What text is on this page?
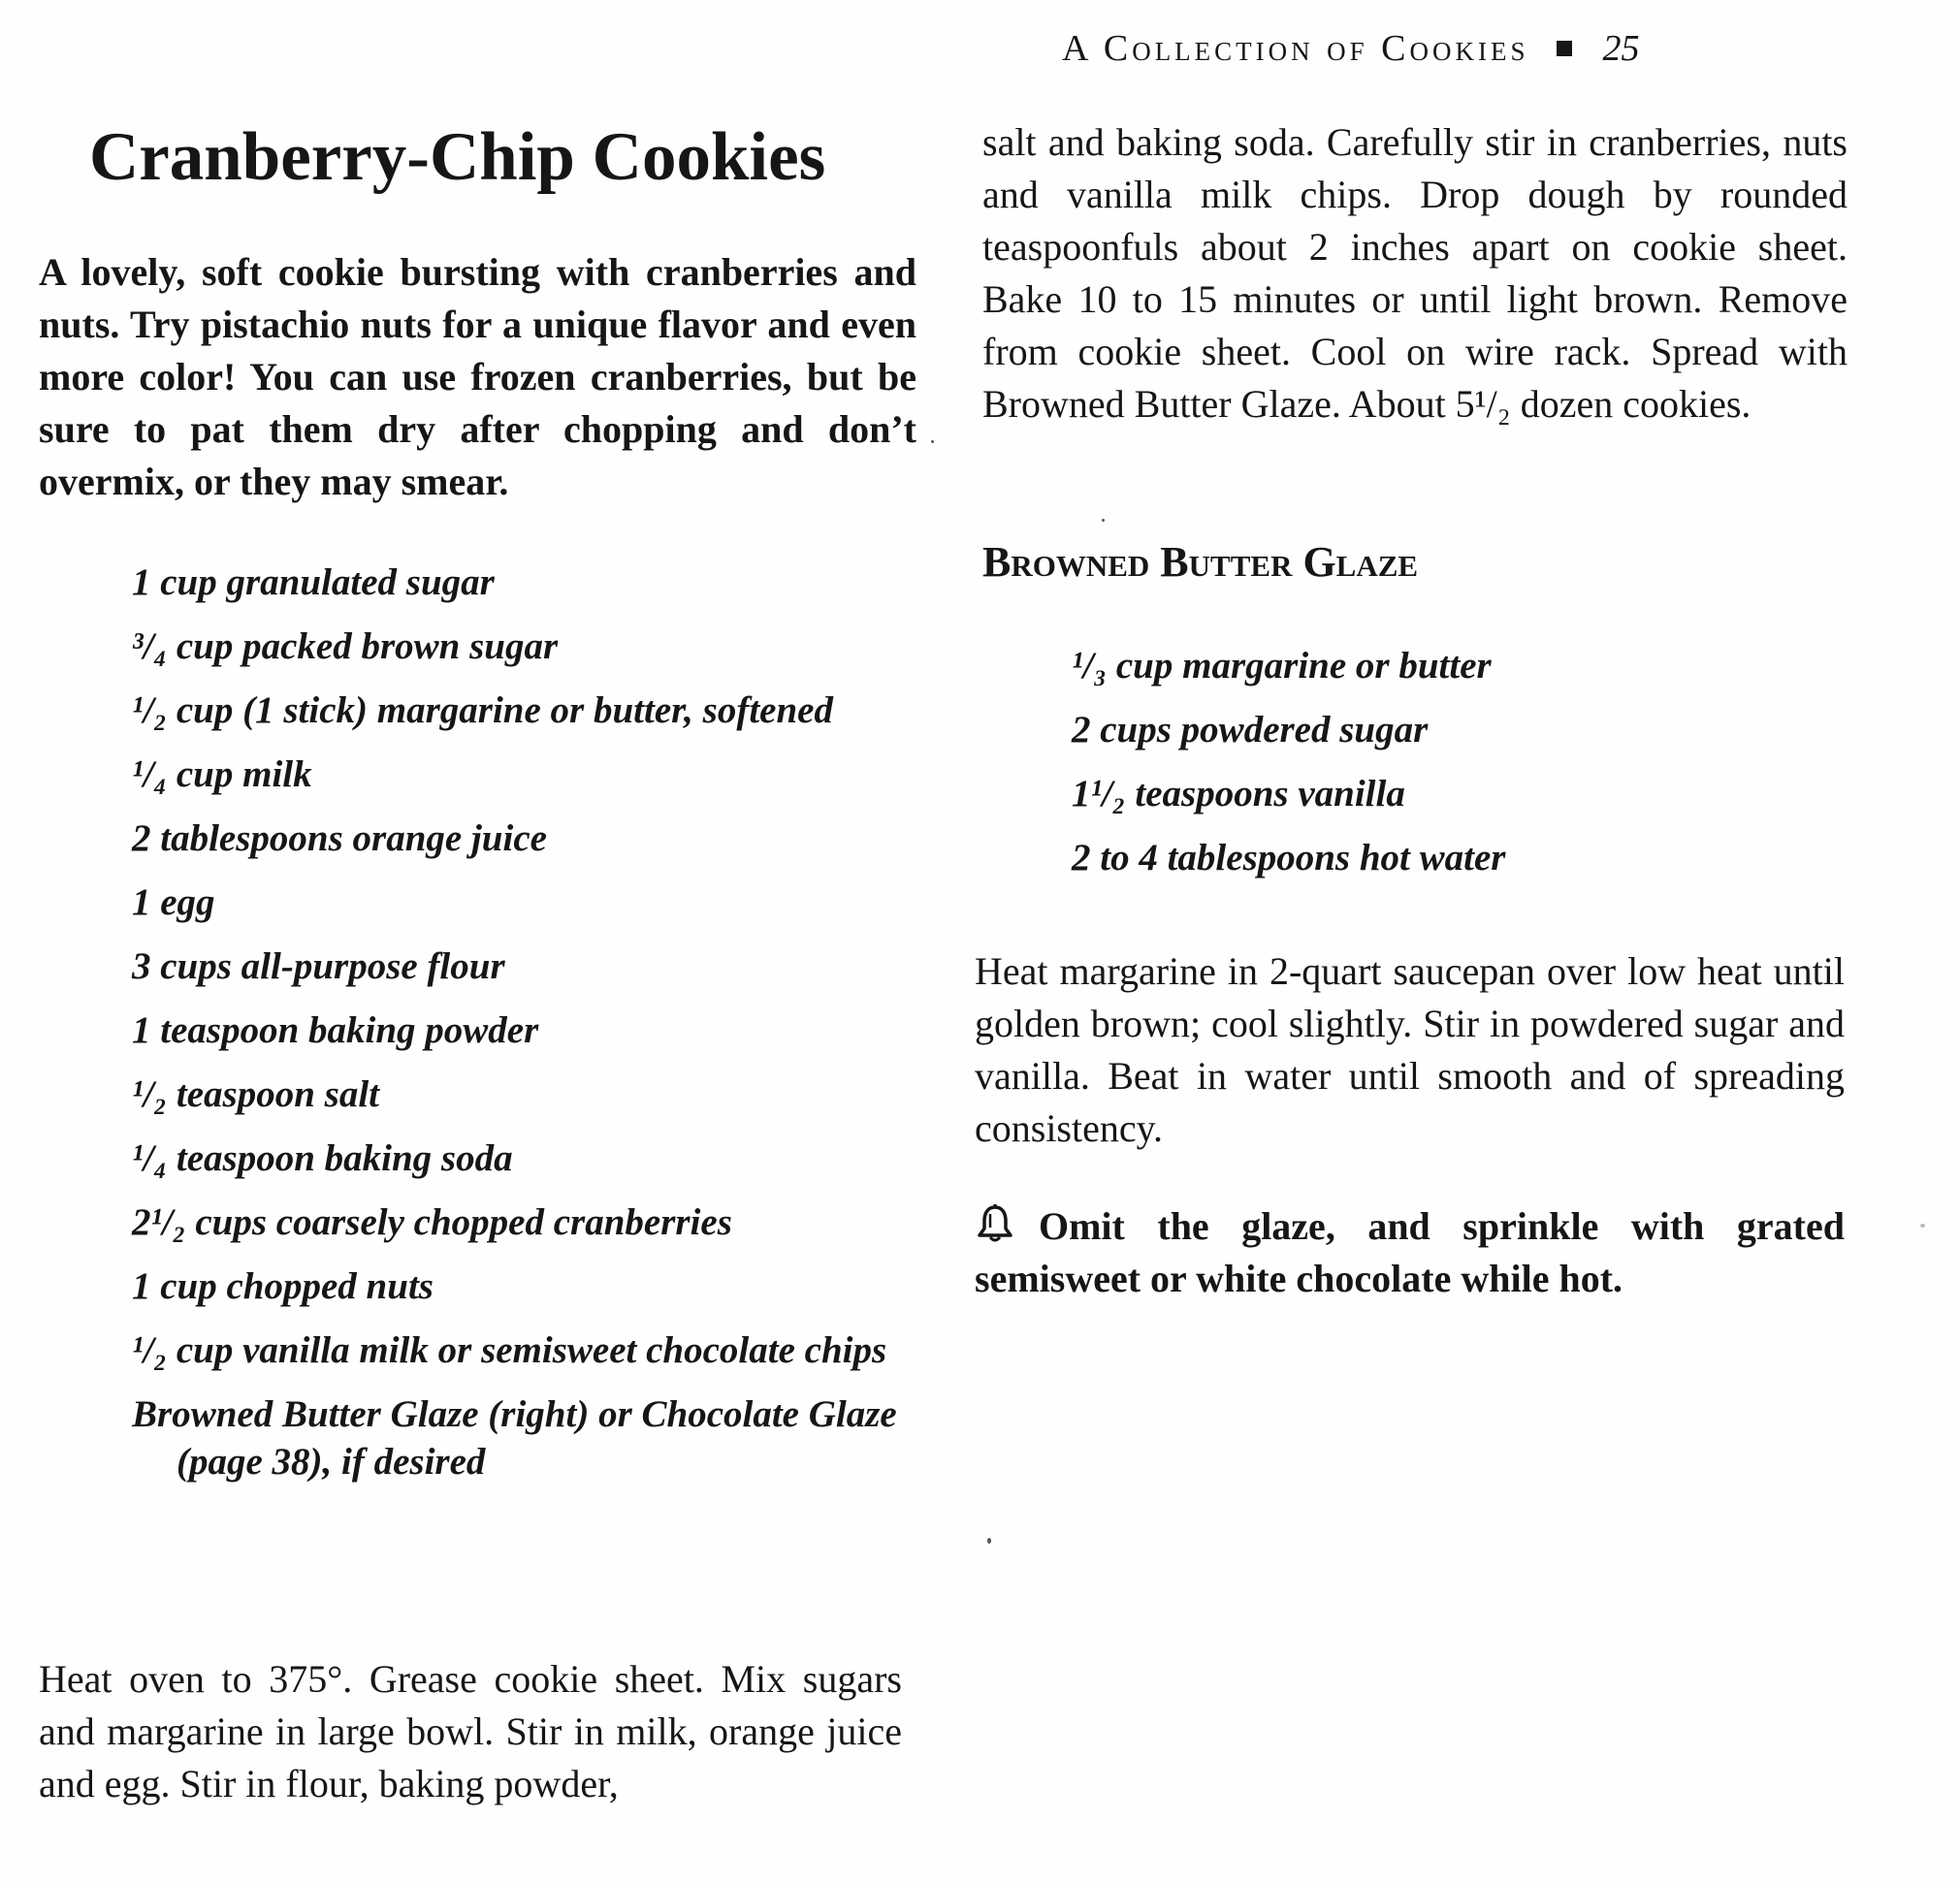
A Collection of Cookies 25
Cranberry-Chip Cookies

A lovely, soft cookie bursting with cranberries and nuts. Try pistachio nuts for a unique flavor and even more color! You can use frozen cranberries, but be sure to pat them dry after chopping and don’t overmix, or they may smear.

1 cup granulated sugar
³/₄ cup packed brown sugar
¹/₂ cup (1 stick) margarine or butter, softened
¹/₄ cup milk
2 tablespoons orange juice
1 egg
3 cups all-purpose flour
1 teaspoon baking powder
¹/₂ teaspoon salt
¹/₄ teaspoon baking soda
2¹/₂ cups coarsely chopped cranberries
1 cup chopped nuts
¹/₂ cup vanilla milk or semisweet chocolate chips
Browned Butter Glaze (right) or Chocolate Glaze (page 38), if desired

Heat oven to 375°. Grease cookie sheet. Mix sugars and margarine in large bowl. Stir in milk, orange juice and egg. Stir in flour, baking powder,

salt and baking soda. Carefully stir in cranberries, nuts and vanilla milk chips. Drop dough by rounded teaspoonfuls about 2 inches apart on cookie sheet. Bake 10 to 15 minutes or until light brown. Remove from cookie sheet. Cool on wire rack. Spread with Browned Butter Glaze. About 5¹/₂ dozen cookies.

Browned Butter Glaze
¹/₃ cup margarine or butter
2 cups powdered sugar
1¹/₂ teaspoons vanilla
2 to 4 tablespoons hot water

Heat margarine in 2-quart saucepan over low heat until golden brown; cool slightly. Stir in powdered sugar and vanilla. Beat in water until smooth and of spreading consistency.

Omit the glaze, and sprinkle with grated semisweet or white chocolate while hot.
